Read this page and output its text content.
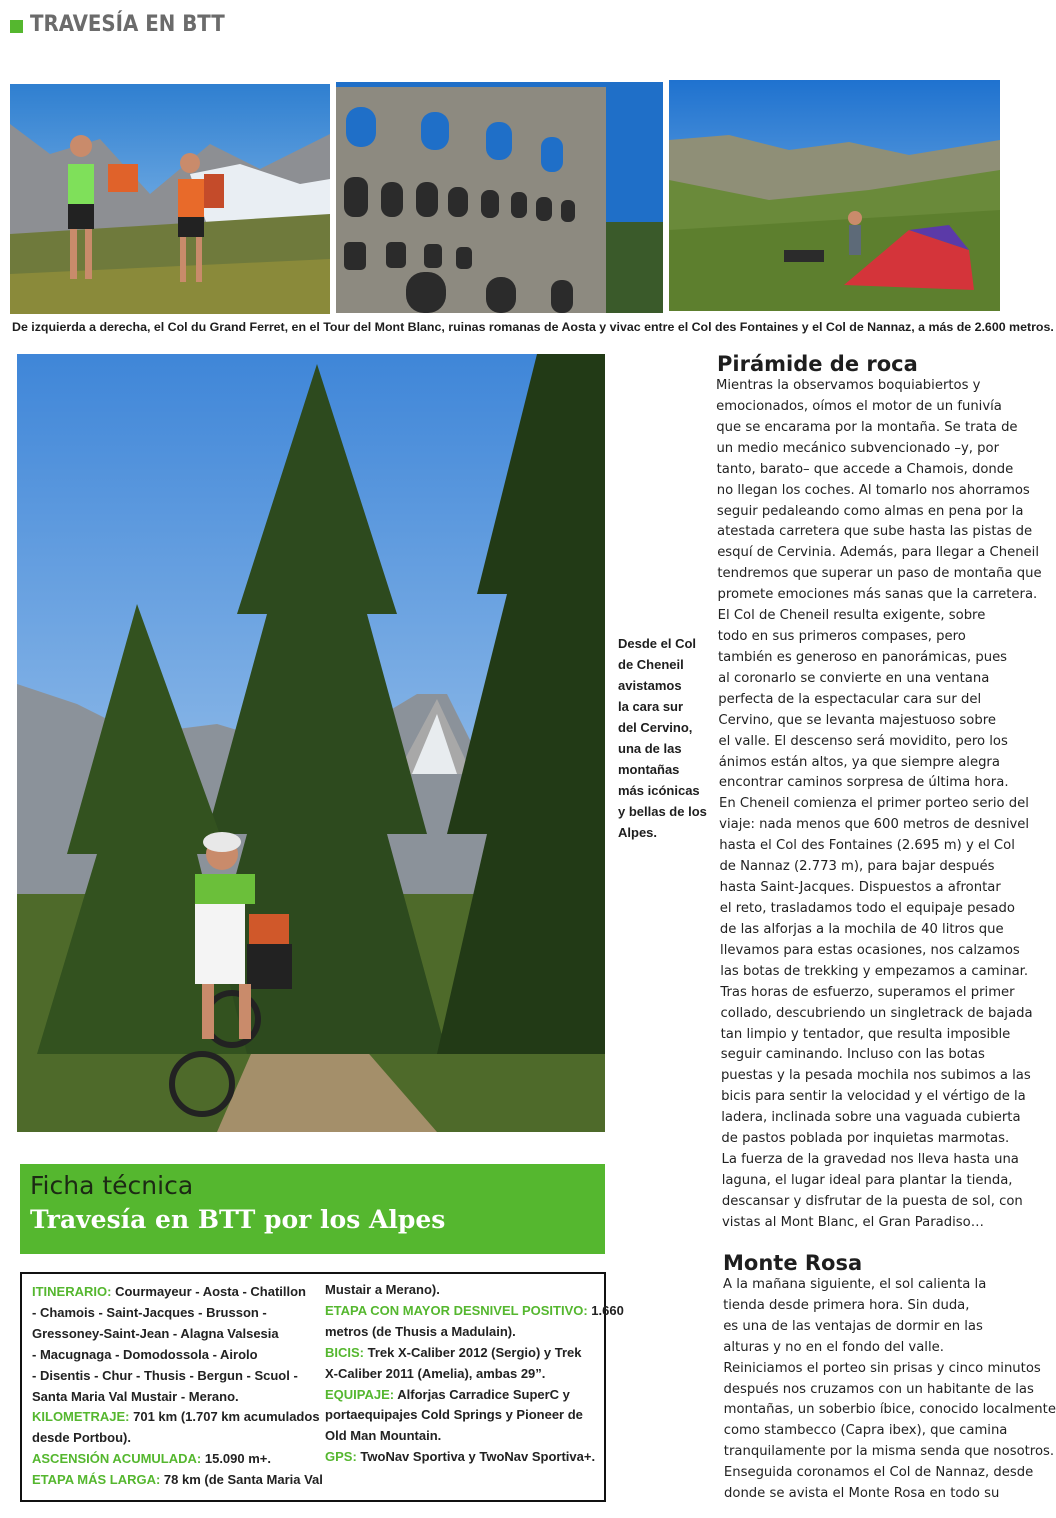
TRAVESÍA EN BTT
De izquierda a derecha, el Col du Grand Ferret, en el Tour del Mont Blanc, ruinas romanas de Aosta y vivac entre el Col des Fontaines y el Col de Nannaz, a más de 2.600 metros.
Desde el Col
de Cheneil
avistamos
la cara sur
del Cervino,
una de las
montañas
más icónicas
y bellas de los
Alpes.
Pirámide de roca
Mientras la observamos boquiabiertos y
emocionados, oímos el motor de un funivía
que se encarama por la montaña. Se trata de
un medio mecánico subvencionado –y, por
tanto, barato– que accede a Chamois, donde
no llegan los coches. Al tomarlo nos ahorramos
seguir pedaleando como almas en pena por la
atestada carretera que sube hasta las pistas de
esquí de Cervinia. Además, para llegar a Cheneil
tendremos que superar un paso de montaña que
promete emociones más sanas que la carretera.
El Col de Cheneil resulta exigente, sobre
todo en sus primeros compases, pero
también es generoso en panorámicas, pues
al coronarlo se convierte en una ventana
perfecta de la espectacular cara sur del
Cervino, que se levanta majestuoso sobre
el valle. El descenso será movidito, pero los
ánimos están altos, ya que siempre alegra
encontrar caminos sorpresa de última hora.
En Cheneil comienza el primer porteo serio del
viaje: nada menos que 600 metros de desnivel
hasta el Col des Fontaines (2.695 m) y el Col
de Nannaz (2.773 m), para bajar después
hasta Saint-Jacques. Dispuestos a afrontar
el reto, trasladamos todo el equipaje pesado
de las alforjas a la mochila de 40 litros que
llevamos para estas ocasiones, nos calzamos
las botas de trekking y empezamos a caminar.
Tras horas de esfuerzo, superamos el primer
collado, descubriendo un singletrack de bajada
tan limpio y tentador, que resulta imposible
seguir caminando. Incluso con las botas
puestas y la pesada mochila nos subimos a las
bicis para sentir la velocidad y el vértigo de la
ladera, inclinada sobre una vaguada cubierta
de pastos poblada por inquietas marmotas.
La fuerza de la gravedad nos lleva hasta una
laguna, el lugar ideal para plantar la tienda,
descansar y disfrutar de la puesta de sol, con
vistas al Mont Blanc, el Gran Paradiso…
Monte Rosa
A la mañana siguiente, el sol calienta la
tienda desde primera hora. Sin duda,
es una de las ventajas de dormir en las
alturas y no en el fondo del valle.
Reiniciamos el porteo sin prisas y cinco minutos
después nos cruzamos con un habitante de las
montañas, un soberbio íbice, conocido localmente
como stambecco (Capra ibex), que camina
tranquilamente por la misma senda que nosotros.
Enseguida coronamos el Col de Nannaz, desde
donde se avista el Monte Rosa en todo su
Ficha técnica
Travesía en BTT por los Alpes
ITINERARIO: Courmayeur - Aosta - Chatillon
- Chamois - Saint-Jacques - Brusson -
Gressoney-Saint-Jean - Alagna Valsesia
- Macugnaga - Domodossola - Airolo
- Disentis - Chur - Thusis - Bergun - Scuol -
Santa Maria Val Mustair - Merano.
KILOMETRAJE: 701 km (1.707 km acumulados
desde Portbou).
ASCENSIÓN ACUMULADA: 15.090 m+.
ETAPA MÁS LARGA: 78 km (de Santa Maria Val
Mustair a Merano).
ETAPA CON MAYOR DESNIVEL POSITIVO: 1.660
metros (de Thusis a Madulain).
BICIS: Trek X-Caliber 2012 (Sergio) y Trek
X-Caliber 2011 (Amelia), ambas 29”.
EQUIPAJE: Alforjas Carradice SuperC y
portaequipajes Cold Springs y Pioneer de
Old Man Mountain.
GPS: TwoNav Sportiva y TwoNav Sportiva+.
